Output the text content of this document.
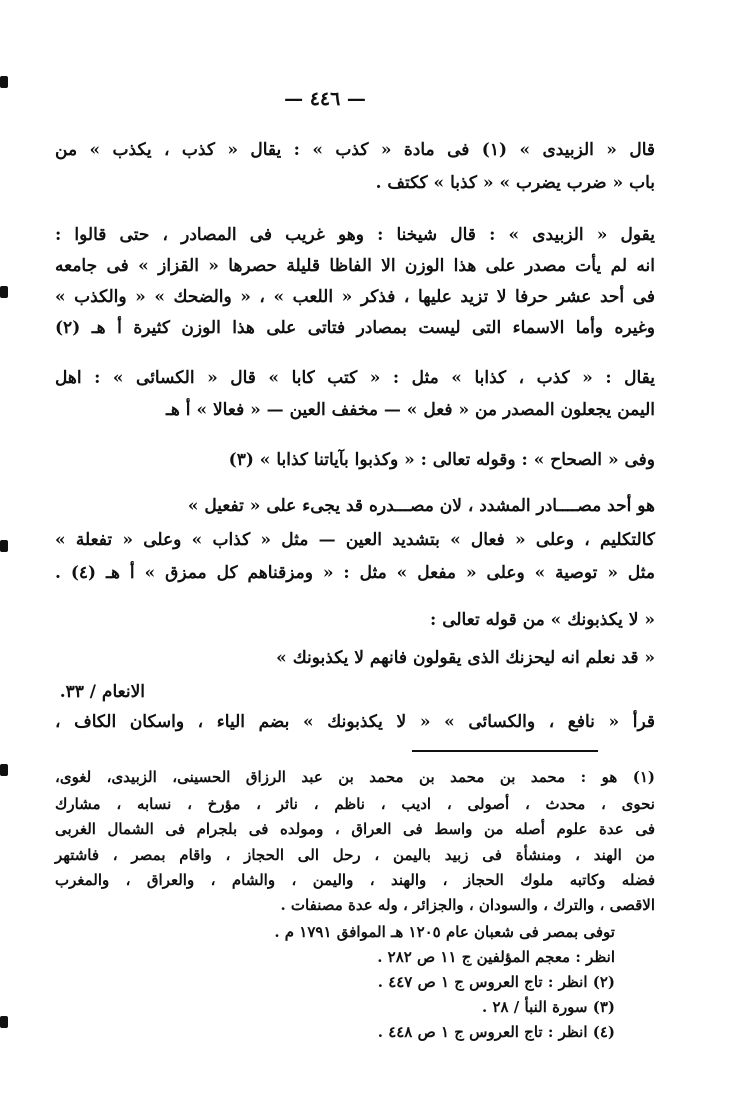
— ٤٤٦ —
قال « الزبيدى » (١) فى مادة « كذب » : يقال « كذب ، يكذب » من
باب « ضرب يضرب » « كذبا » ككتف .
يقول « الزبيدى » : قال شيخنا : وهو غريب فى المصادر ، حتى قالوا :
انه لم يأت مصدر على هذا الوزن الا الفاظا قليلة حصرها « القزاز » فى جامعه
فى أحد عشر حرفا لا تزيد عليها ، فذكر « اللعب » ، « والضحك » « والكذب »
وغيره وأما الاسماء التى ليست بمصادر فتاتى على هذا الوزن كثيرة أ هـ (٢)
يقال : « كذب ، كذابا » مثل : « كتب كابا » قال « الكسائى » : اهل
اليمن يجعلون المصدر من « فعل » — مخفف العين — « فعالا » أ هـ
وفى « الصحاح » : وقوله تعالى : « وكذبوا بآياتنا كذابا » (٣)
هو أحد مصــــادر المشدد ، لان مصـــدره قد يجىء على « تفعيل »
كالتكليم ، وعلى « فعال » بتشديد العين — مثل « كذاب » وعلى « تفعلة »
مثل « توصية » وعلى « مفعل » مثل : « ومزقناهم كل ممزق » أ هـ (٤) .
« لا يكذبونك » من قوله تعالى :
« قد نعلم انه ليحزنك الذى يقولون فانهم لا يكذبونك »
الانعام / ٣٣.
قرأ « نافع ، والكسائى » « لا يكذبونك » بضم الياء ، واسكان الكاف ،
(١) هو : محمد بن محمد بن محمد بن عبد الرزاق الحسينى، الزبيدى، لغوى،
نحوى ، محدث ، أصولى ، اديب ، ناظم ، ناثر ، مؤرخ ، نسابه ، مشارك
فى عدة علوم أصله من واسط فى العراق ، ومولده فى بلجرام فى الشمال الغربى
من الهند ، ومنشأة فى زبيد باليمن ، رحل الى الحجاز ، واقام بمصر ، فاشتهر
فضله وكاتبه ملوك الحجاز ، والهند ، واليمن ، والشام ، والعراق ، والمغرب
الاقصى ، والترك ، والسودان ، والجزائر ، وله عدة مصنفات .
توفى بمصر فى شعبان عام ١٢٠٥ هـ الموافق ١٧٩١ م .
انظر : معجم المؤلفين ج ١١ ص ٢٨٢ .
(٢) انظر : تاج العروس ج ١ ص ٤٤٧ .
(٣) سورة النبأ / ٢٨ .
(٤) انظر : تاج العروس ج ١ ص ٤٤٨ .
